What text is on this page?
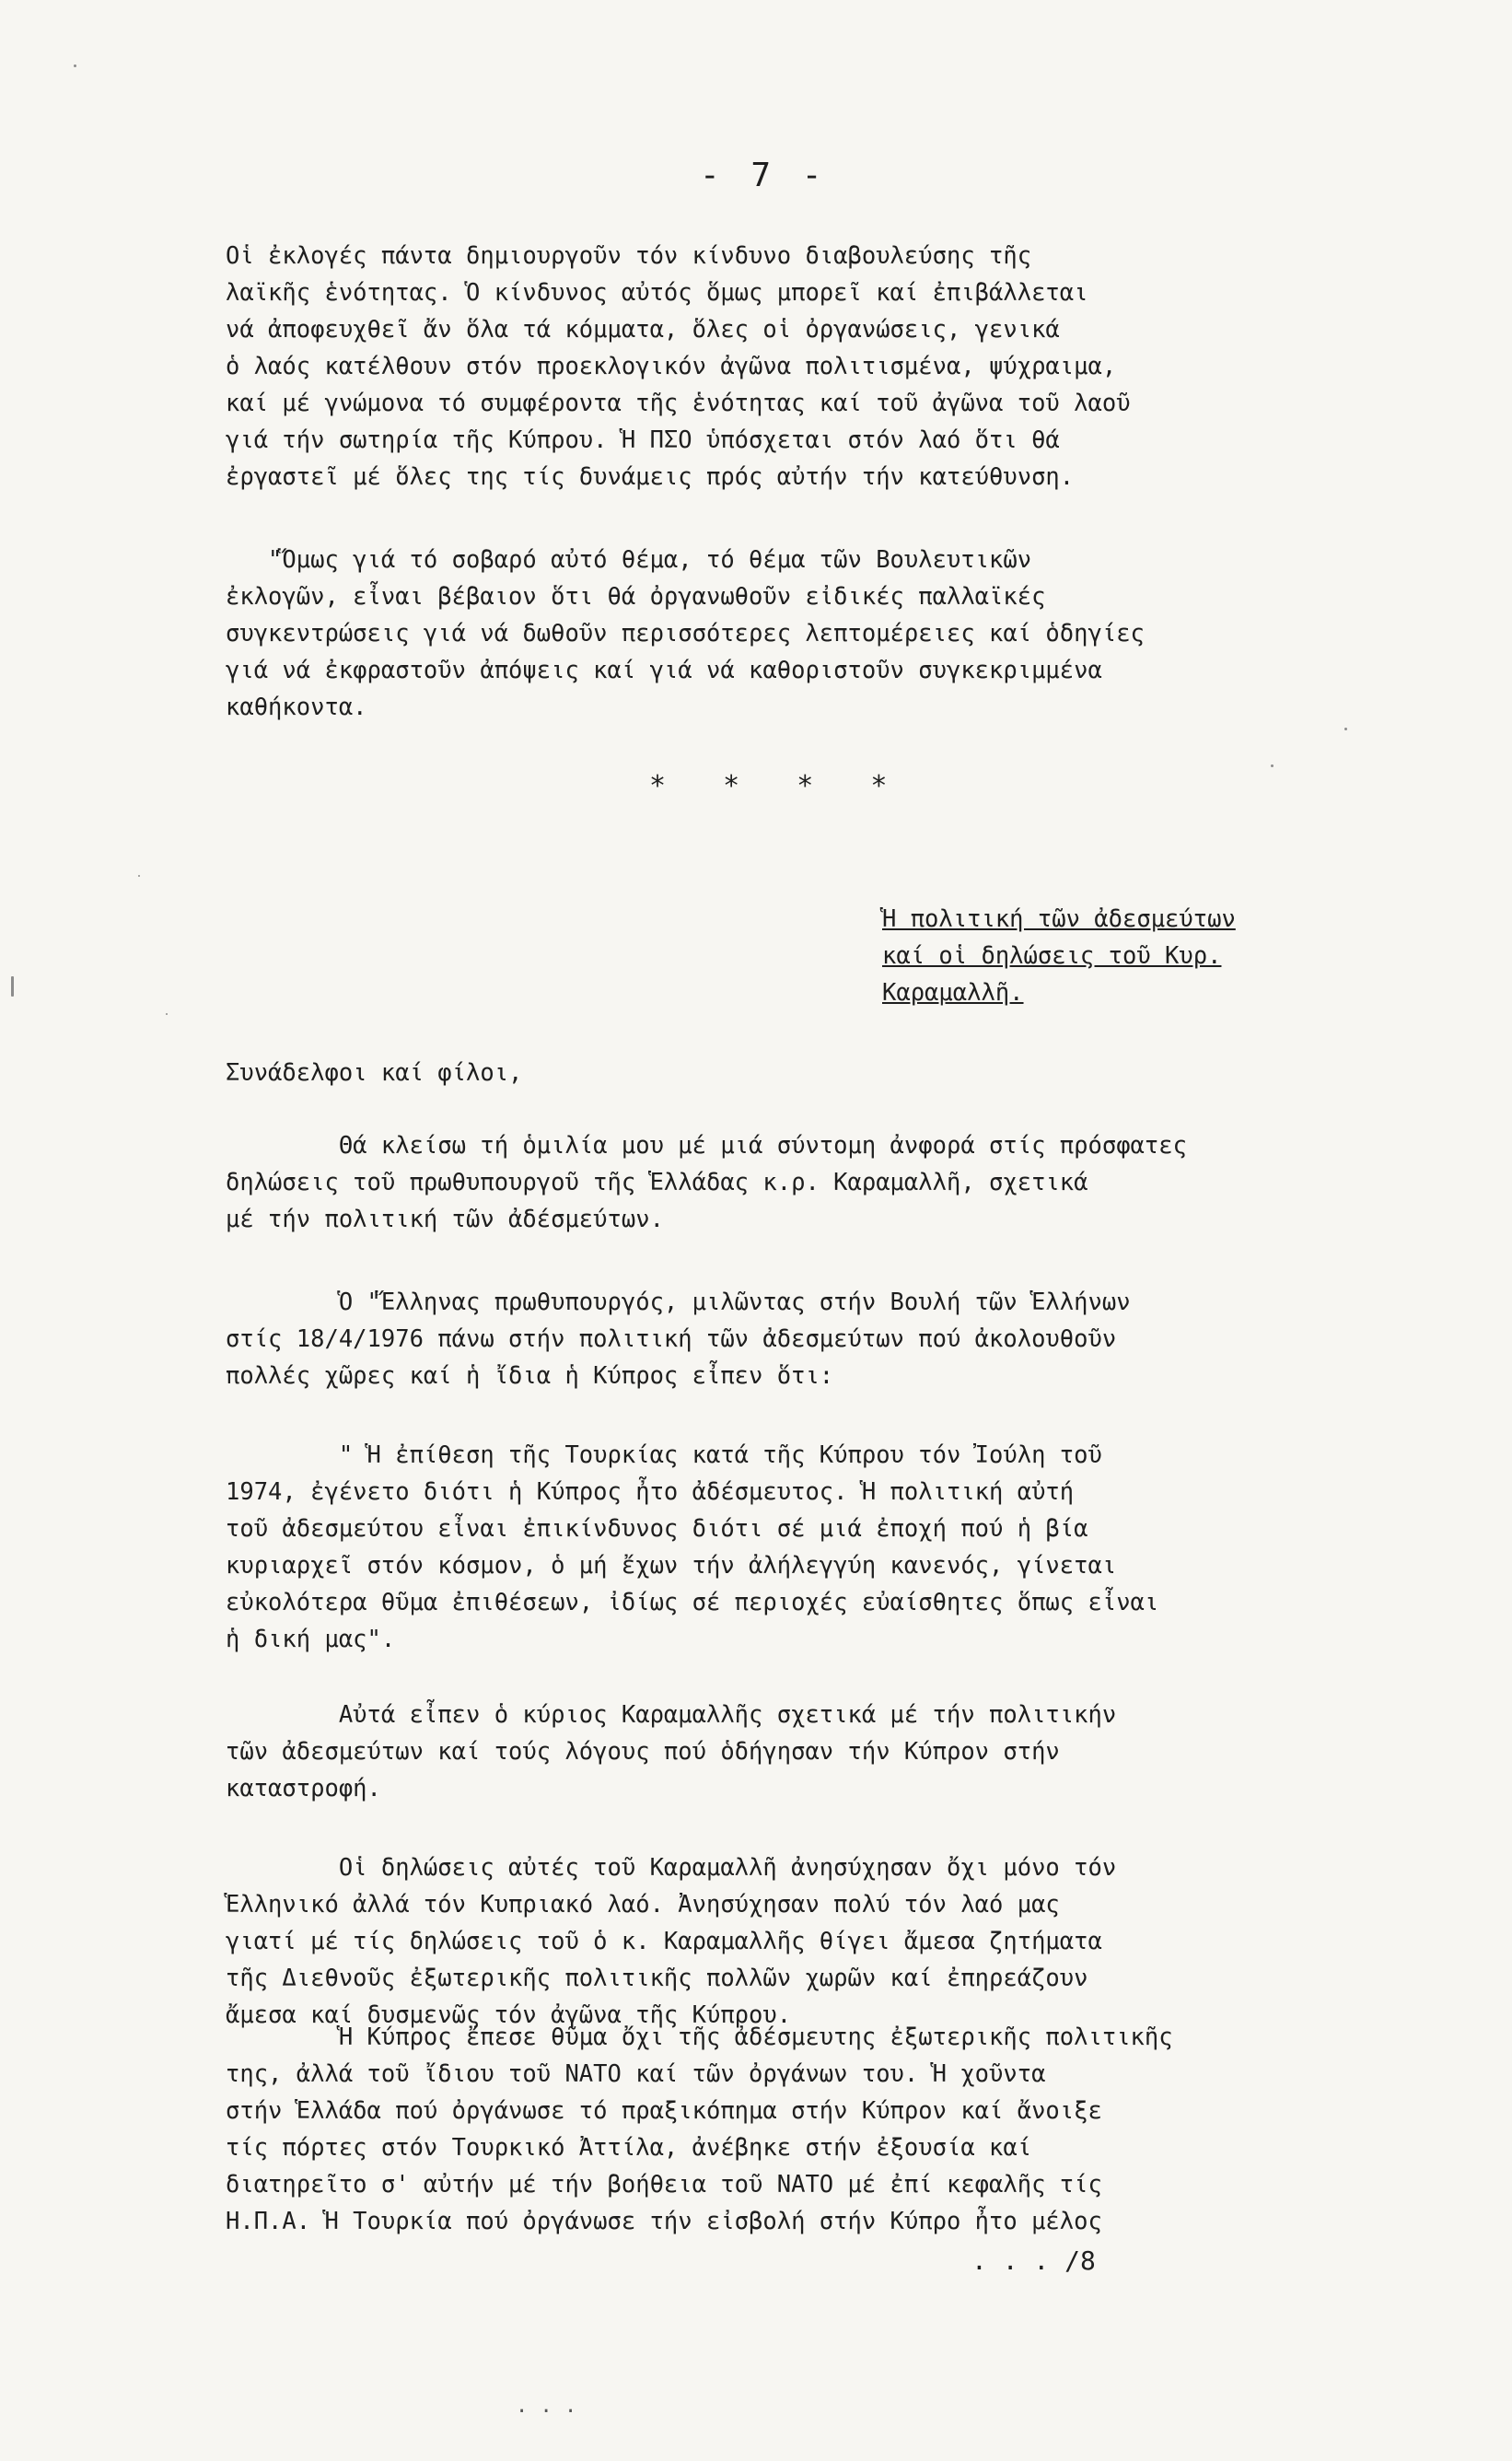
- 7 -
Οἱ ἐκλογές πάντα δημιουργοῦν τόν κίνδυνο διαβουλεύσης τῆς
λαϊκῆς ἑνότητας. Ὁ κίνδυνος αὐτός ὅμως μπορεῖ καί ἐπιβάλλεται
νά ἀποφευχθεῖ ἄν ὅλα τά κόμματα, ὅλες οἱ ὀργανώσεις, γενικά
ὁ λαός κατέλθουν στόν προεκλογικόν ἀγῶνα πολιτισμένα, ψύχραιμα,
καί μέ γνώμονα τό συμφέροντα τῆς ἑνότητας καί τοῦ ἀγῶνα τοῦ λαοῦ
γιά τήν σωτηρία τῆς Κύπρου. Ἡ ΠΣΟ ὑπόσχεται στόν λαό ὅτι θά
ἐργαστεῖ μέ ὅλες της τίς δυνάμεις πρός αὐτήν τήν κατεύθυνση.
"Ὅμως γιά τό σοβαρό αὐτό θέμα, τό θέμα τῶν Βουλευτικῶν
ἐκλογῶν, εἶναι βέβαιον ὅτι θά ὀργανωθοῦν εἰδικές παλλαϊκές
συγκεντρώσεις γιά νά δωθοῦν περισσότερες λεπτομέρειες καί ὁδηγίες
γιά νά ἐκφραστοῦν ἀπόψεις καί γιά νά καθοριστοῦν συγκεκριμμένα
καθήκοντα.
* * * *
Ἡ πολιτική τῶν ἀδεσμεύτων
καί οἱ δηλώσεις τοῦ Κυρ.
Καραμαλλῆ.
Συνάδελφοι καί φίλοι,
Θά κλείσω τή ὁμιλία μου μέ μιά σύντομη ἀνφορά στίς πρόσφατες
δηλώσεις τοῦ πρωθυπουργοῦ τῆς Ἑλλάδας κ.ρ. Καραμαλλῆ, σχετικά
μέ τήν πολιτική τῶν ἀδέσμεύτων.
Ὁ "Ἕλληνας πρωθυπουργός, μιλῶντας στήν Βουλή τῶν Ἑλλήνων
στίς 18/4/1976 πάνω στήν πολιτική τῶν ἀδεσμεύτων πού ἀκολουθοῦν
πολλές χῶρες καί ἡ ἴδια ἡ Κύπρος εἶπεν ὅτι:
" Ἡ ἐπίθεση τῆς Τουρκίας κατά τῆς Κύπρου τόν Ἰούλη τοῦ
1974, ἐγένετο διότι ἡ Κύπρος ἦτο ἀδέσμευτος. Ἡ πολιτική αὐτή
τοῦ ἀδεσμεύτου εἶναι ἐπικίνδυνος διότι σέ μιά ἐποχή πού ἡ βία
κυριαρχεῖ στόν κόσμον, ὁ μή ἔχων τήν ἀλήλεγγύη κανενός, γίνεται
εὐκολότερα θῦμα ἐπιθέσεων, ἰδίως σέ περιοχές εὐαίσθητες ὅπως εἶναι
ἡ δική μας".
Αὐτά εἶπεν ὁ κύριος Καραμαλλῆς σχετικά μέ τήν πολιτικήν
τῶν ἀδεσμεύτων καί τούς λόγους πού ὁδήγησαν τήν Κύπρον στήν
καταστροφή.
Οἱ δηλώσεις αὐτές τοῦ Καραμαλλῆ ἀνησύχησαν ὄχι μόνο τόν
Ἑλληνικό ἀλλά τόν Κυπριακό λαό. Ἀνησύχησαν πολύ τόν λαό μας
γιατί μέ τίς δηλώσεις τοῦ ὁ κ. Καραμαλλῆς θίγει ἄμεσα ζητήματα
τῆς Διεθνοῦς ἐξωτερικῆς πολιτικῆς πολλῶν χωρῶν καί ἐπηρεάζουν
ἄμεσα καί δυσμενῶς τόν ἀγῶνα τῆς Κύπρου.
Ἡ Κύπρος ἔπεσε θῦμα ὄχι τῆς ἀδέσμευτης ἐξωτερικῆς πολιτικῆς
της, ἀλλά τοῦ ἴδιου τοῦ ΝΑΤΟ καί τῶν ὀργάνων του. Ἡ χοῦντα
στήν Ἑλλάδα πού ὀργάνωσε τό πραξικόπημα στήν Κύπρον καί ἄνοιξε
τίς πόρτες στόν Τουρκικό Ἀττίλα, ἀνέβηκε στήν ἐξουσία καί
διατηρεῖτο σ' αὐτήν μέ τήν βοήθεια τοῦ ΝΑΤΟ μέ ἐπί κεφαλῆς τίς
Η.Π.Α. Ἡ Τουρκία πού ὀργάνωσε τήν εἰσβολή στήν Κύπρο ἦτο μέλος
. . . /8
. . .
